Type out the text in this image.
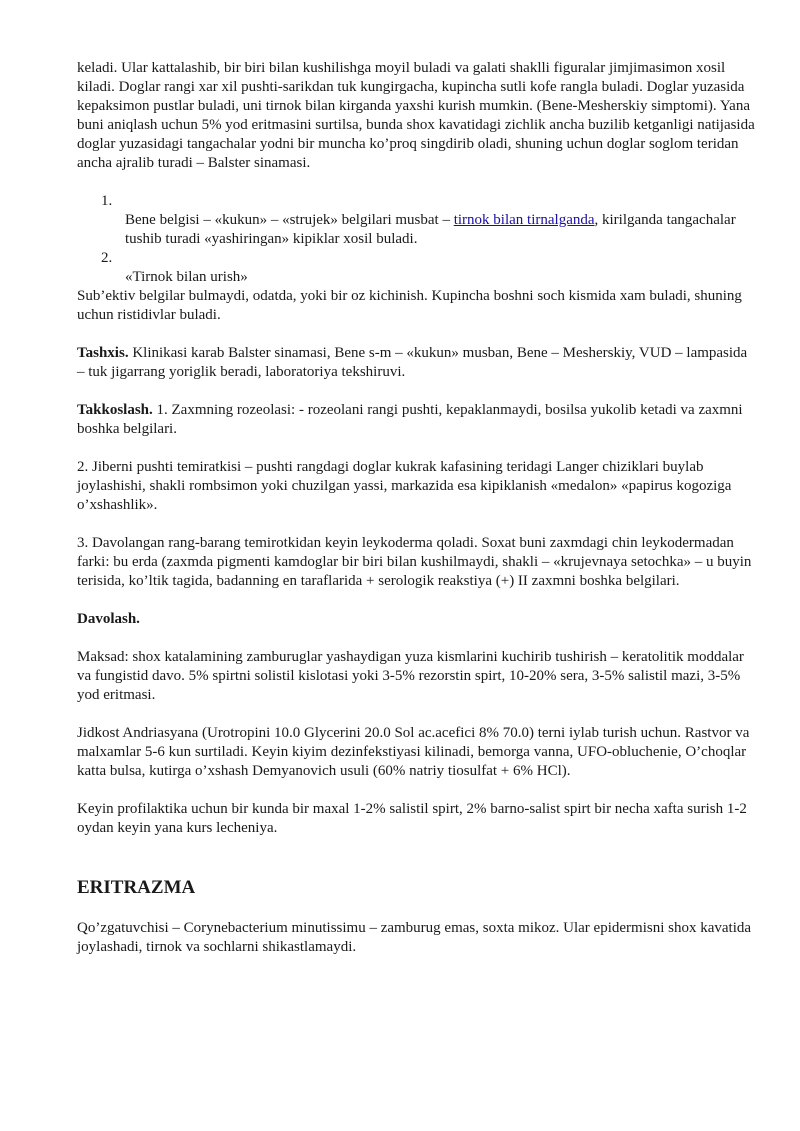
keladi. Ular kattalashib, bir biri bilan kushilishga moyil buladi va galati shaklli figuralar jimjimasimon xosil kiladi. Doglar rangi xar xil pushti-sarikdan tuk kungirgacha, kupincha sutli kofe rangla buladi. Doglar yuzasida kepaksimon pustlar buladi, uni tirnok bilan kirganda yaxshi kurish mumkin. (Bene-Mesherskiy simptomi). Yana buni aniqlash uchun 5% yod eritmasini surtilsa, bunda shox kavatidagi zichlik ancha buzilib ketganligi natijasida doglar yuzasidagi tangachalar yodni bir muncha ko’proq singdirib oladi, shuning uchun doglar soglom teridan ancha ajralib turadi – Balster sinamasi.

1.
Bene belgisi – «kukun» – «strujek» belgilari musbat – tirnok bilan tirnalganda, kirilganda tangachalar tushib turadi «yashiringan» kipiklar xosil buladi.
2.
«Tirnok bilan urish»

Sub’ektiv belgilar bulmaydi, odatda, yoki bir oz kichinish. Kupincha boshni soch kismida xam buladi, shuning uchun ristidivlar buladi.

Tashxis. Klinikasi karab Balster sinamasi, Bene s-m – «kukun» musban, Bene – Mesherskiy, VUD – lampasida – tuk jigarrang yoriglik beradi, laboratoriya tekshiruvi.

Takkoslash. 1. Zaxmning rozeolasi: - rozeolani rangi pushti, kepaklanmaydi, bosilsa yukolib ketadi va zaxmni boshka belgilari.

2. Jiberni pushti temiratkisi – pushti rangdagi doglar kukrak kafasining teridagi Langer chiziklari buylab joylashishi, shakli rombsimon yoki chuzilgan yassi, markazida esa kipiklanish «medalon» «papirus kogoziga o’xshashlik».

3. Davolangan rang-barang temirotkidan keyin leykoderma qoladi. Soxat buni zaxmdagi chin leykodermadan farki: bu erda (zaxmda pigmenti kamdoglar bir biri bilan kushilmaydi, shakli – «krujevnaya setochka» – u buyin terisida, ko’ltik tagida, badanning en taraflarida + serologik reakstiya (+) II zaxmni boshka belgilari.

Davolash.

Maksad: shox katalamining zamburuglar yashaydigan yuza kismlarini kuchirib tushirish – keratolitik moddalar va fungistid davo. 5% spirtni solistil kislotasi yoki 3-5% rezorstin spirt, 10-20% sera, 3-5% salistil mazi, 3-5% yod eritmasi.

Jidkost Andriasyana (Urotropini 10.0 Glycerini 20.0 Sol ac.acefici 8% 70.0) terni iylab turish uchun. Rastvor va malxamlar 5-6 kun surtiladi. Keyin kiyim dezinfekstiyasi kilinadi, bemorga vanna, UFO-obluchenie, O’choqlar katta bulsa, kutirga o’xshash Demyanovich usuli (60% natriy tiosulfat + 6% HCl).

Keyin profilaktika uchun bir kunda bir maxal 1-2% salistil spirt, 2% barno-salist spirt bir necha xafta surish 1-2 oydan keyin yana kurs lecheniya.

ERITRAZMA

Qo’zgatuvchisi – Corynebacterium minutissimu – zamburug emas, soxta mikoz. Ular epidermisni shox kavatida joylashadi, tirnok va sochlarni shikastlamaydi.
